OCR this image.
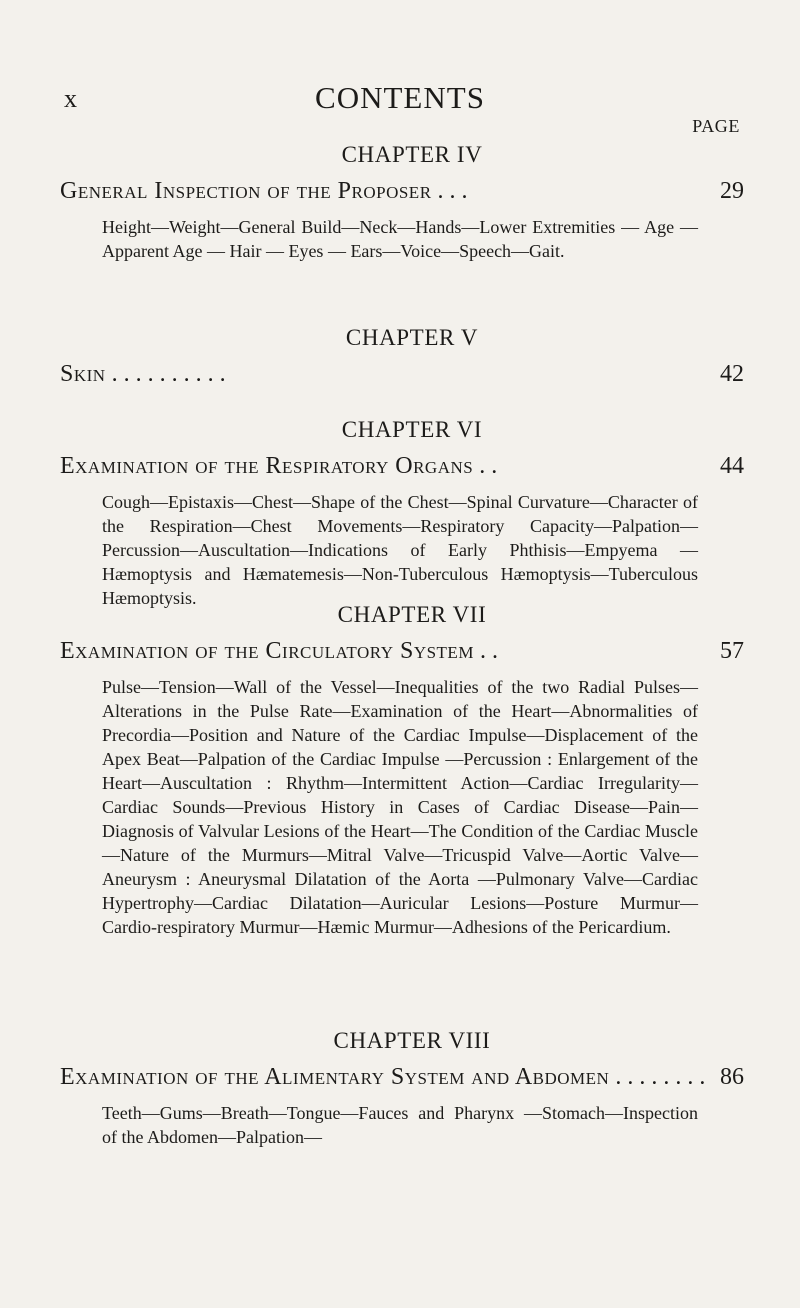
x	CONTENTS
PAGE
CHAPTER IV
General Inspection of the Proposer . . .	29
Height—Weight—General Build—Neck—Hands—Lower Extremities — Age — Apparent Age — Hair — Eyes — Ears—Voice—Speech—Gait.
CHAPTER V
Skin . . . . . . . . . .	42
CHAPTER VI
Examination of the Respiratory Organs . .	44
Cough—Epistaxis—Chest—Shape of the Chest—Spinal Curvature—Character of the Respiration—Chest Movements—Respiratory Capacity—Palpation—Percussion—Auscultation—Indications of Early Phthisis—Empyema —Hæmoptysis and Hæmatemesis—Non-Tuberculous Hæmoptysis—Tuberculous Hæmoptysis.
CHAPTER VII
Examination of the Circulatory System . .	57
Pulse—Tension—Wall of the Vessel—Inequalities of the two Radial Pulses—Alterations in the Pulse Rate—Examination of the Heart—Abnormalities of Precordia—Position and Nature of the Cardiac Impulse—Displacement of the Apex Beat—Palpation of the Cardiac Impulse —Percussion : Enlargement of the Heart—Auscultation : Rhythm—Intermittent Action—Cardiac Irregularity—Cardiac Sounds—Previous History in Cases of Cardiac Disease—Pain—Diagnosis of Valvular Lesions of the Heart—The Condition of the Cardiac Muscle—Nature of the Murmurs—Mitral Valve—Tricuspid Valve—Aortic Valve—Aneurysm : Aneurysmal Dilatation of the Aorta —Pulmonary Valve—Cardiac Hypertrophy—Cardiac Dilatation—Auricular Lesions—Posture Murmur—Cardio-respiratory Murmur—Hæmic Murmur—Adhesions of the Pericardium.
CHAPTER VIII
Examination of the Alimentary System and Abdomen . . . . . . . . 86
Teeth—Gums—Breath—Tongue—Fauces and Pharynx —Stomach—Inspection of the Abdomen—Palpation—
